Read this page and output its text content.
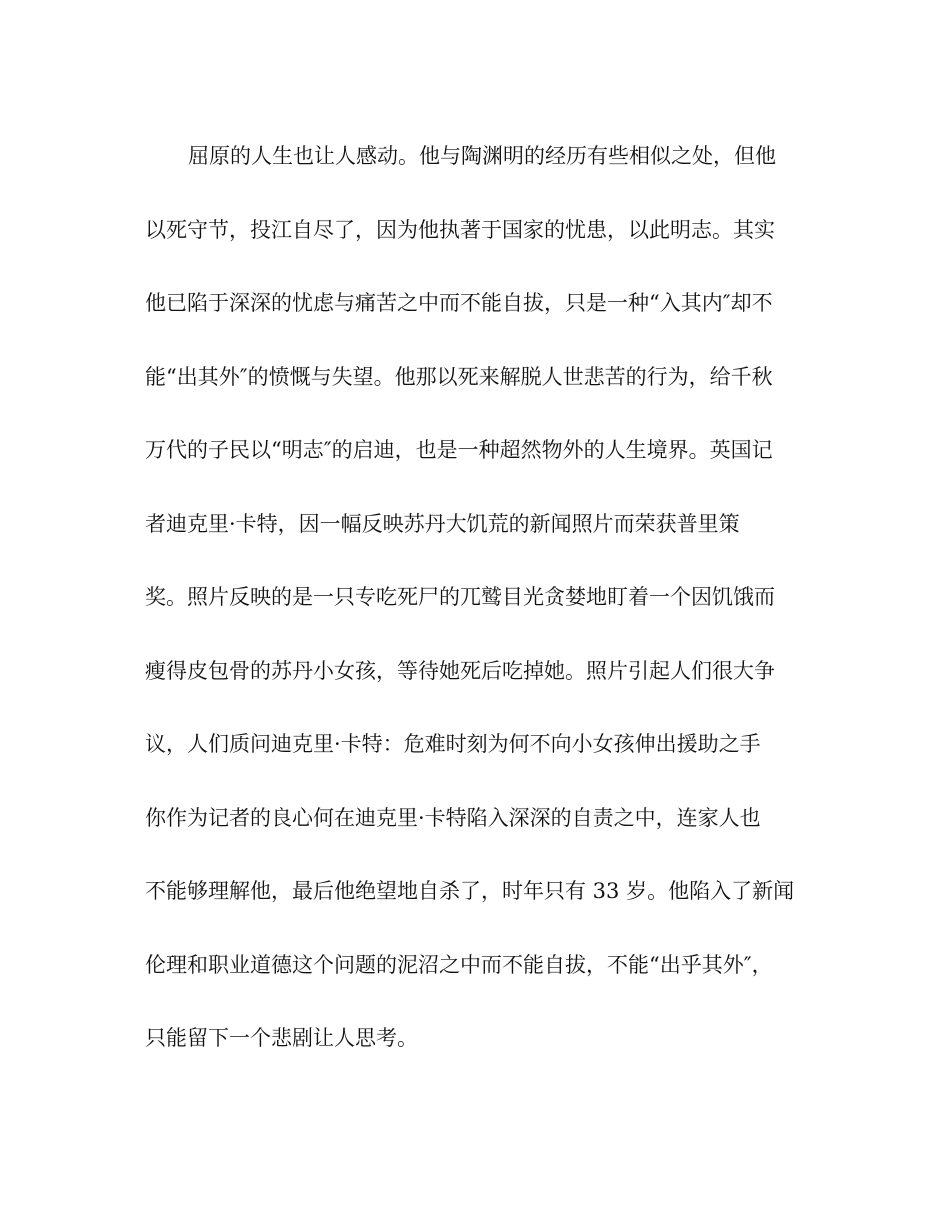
屈原的人生也让人感动。他与陶渊明的经历有些相似之处，但他
以死守节，投江自尽了，因为他执著于国家的忧患，以此明志。其实
他已陷于深深的忧虑与痛苦之中而不能自拔，只是一种“入其内″却不
能“出其外″的愤慨与失望。他那以死来解脱人世悲苦的行为，给千秋
万代的子民以“明志″的启迪，也是一种超然物外的人生境界。英国记
者迪克里·卡特，因一幅反映苏丹大饥荒的新闻照片而荣获普里策
奖。照片反映的是一只专吃死尸的兀鹫目光贪婪地盯着一个因饥饿而
瘦得皮包骨的苏丹小女孩，等待她死后吃掉她。照片引起人们很大争
议，人们质问迪克里·卡特：危难时刻为何不向小女孩伸出援助之手
你作为记者的良心何在迪克里·卡特陷入深深的自责之中，连家人也
不能够理解他，最后他绝望地自杀了，时年只有 33 岁。他陷入了新闻
伦理和职业道德这个问题的泥沼之中而不能自拔，不能“出乎其外″，
只能留下一个悲剧让人思考。
